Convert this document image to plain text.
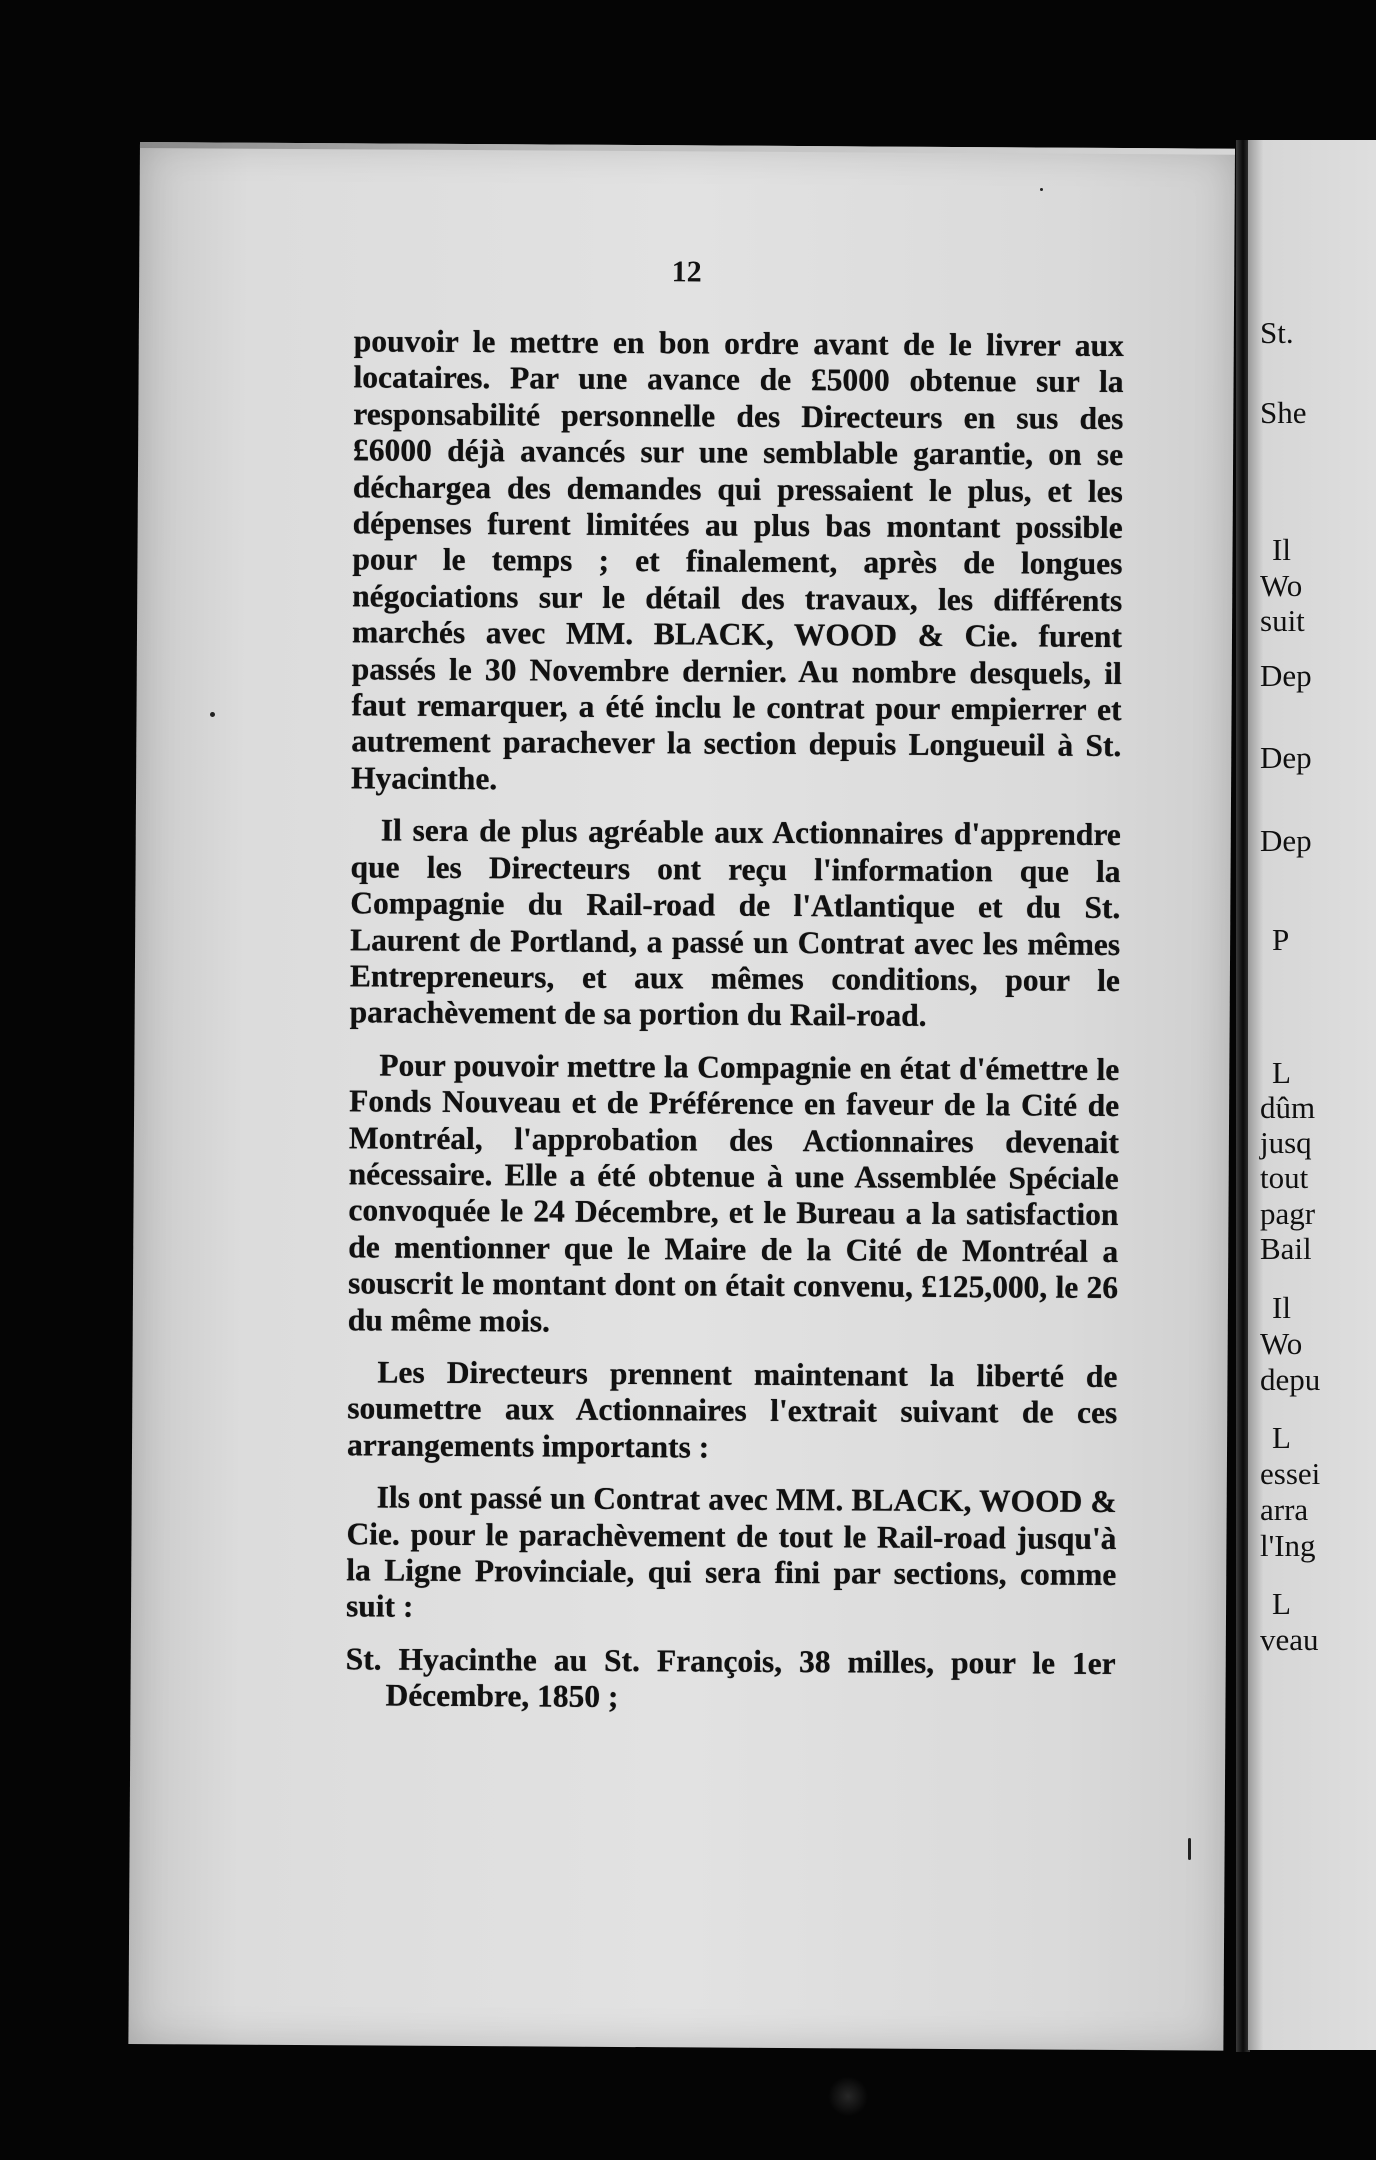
12

pouvoir le mettre en bon ordre avant de le livrer aux locataires. Par une avance de £5000 obtenue sur la responsabilité personnelle des Directeurs en sus des £6000 déjà avancés sur une semblable garantie, on se déchargea des demandes qui pressaient le plus, et les dépenses furent limitées au plus bas montant possible pour le temps ; et finalement, après de longues négociations sur le détail des travaux, les différents marchés avec MM. BLACK, WOOD & Cie. furent passés le 30 Novembre dernier. Au nombre desquels, il faut remarquer, a été inclu le contrat pour empierrer et autrement parachever la section depuis Longueuil à St. Hyacinthe.

Il sera de plus agréable aux Actionnaires d'apprendre que les Directeurs ont reçu l'information que la Compagnie du Rail-road de l'Atlantique et du St. Laurent de Portland, a passé un Contrat avec les mêmes Entrepreneurs, et aux mêmes conditions, pour le parachèvement de sa portion du Rail-road.

Pour pouvoir mettre la Compagnie en état d'émettre le Fonds Nouveau et de Préférence en faveur de la Cité de Montréal, l'approbation des Actionnaires devenait nécessaire. Elle a été obtenue à une Assemblée Spéciale convoquée le 24 Décembre, et le Bureau a la satisfaction de mentionner que le Maire de la Cité de Montréal a souscrit le montant dont on était convenu, £125,000, le 26 du même mois.

Les Directeurs prennent maintenant la liberté de soumettre aux Actionnaires l'extrait suivant de ces arrangements importants :

Ils ont passé un Contrat avec MM. BLACK, WOOD & Cie. pour le parachèvement de tout le Rail-road jusqu'à la Ligne Provinciale, qui sera fini par sections, comme suit :

St. Hyacinthe au St. François, 38 milles, pour le 1er Décembre, 1850 ;

St.
She
Il
Wo
suit
Dep
Dep
Dep
P
L
dûm
jusq
tout
pagr
Bail
Il
Wo
depu
L
essei
arra
l'Ing
L
veau
